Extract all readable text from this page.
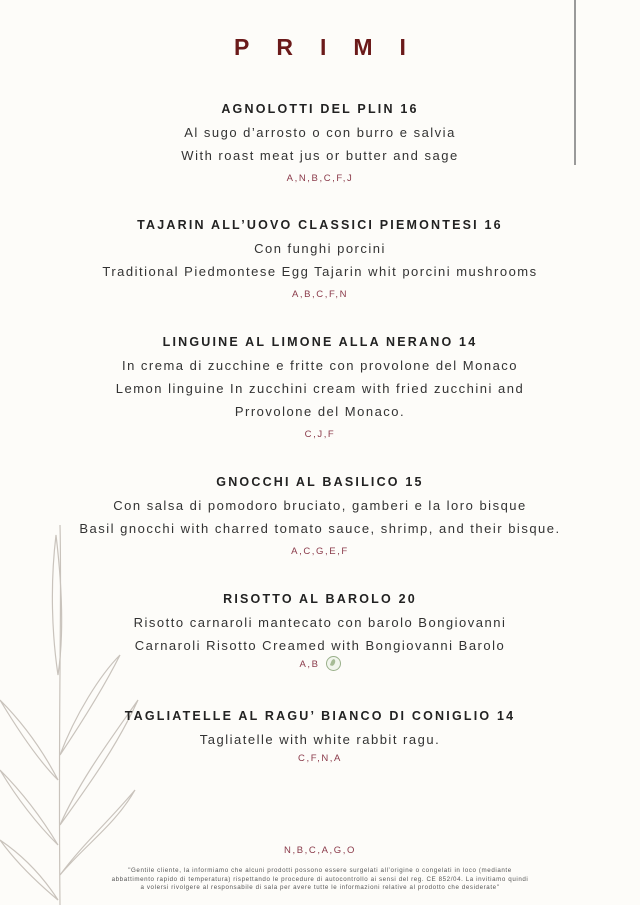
PRIMI
AGNOLOTTI DEL PLIN 16
Al sugo d’arrosto o con burro e salvia
With roast meat jus or butter and sage
A,N,B,C,F,J
TAJARIN ALL’UOVO CLASSICI PIEMONTESI 16
Con funghi porcini
Traditional Piedmontese Egg Tajarin whit porcini mushrooms
A,B,C,F,N
LINGUINE AL LIMONE ALLA NERANO 14
In crema di zucchine e fritte con provolone del Monaco
Lemon linguine In zucchini cream with fried zucchini and
Prrovolone del Monaco.
C,J,F
GNOCCHI AL BASILICO 15
Con salsa di pomodoro bruciato, gamberi e la loro bisque
Basil gnocchi with charred tomato sauce, shrimp, and their bisque.
A,C,G,E,F
RISOTTO AL BAROLO 20
Risotto carnaroli mantecato con barolo Bongiovanni
Carnaroli Risotto Creamed with Bongiovanni Barolo
A,B
TAGLIATELLE AL RAGU’ BIANCO DI CONIGLIO 14
Tagliatelle with white rabbit ragu.
C,F,N,A
N,B,C,A,G,O
"Gentile cliente, la informiamo che alcuni prodotti possono essere surgelati all’origine o congelati in loco (mediante
abbattimento rapido di temperatura) rispettando le procedure di autocontrollo ai sensi del reg. CE 852/04. La invitiamo quindi
a volersi rivolgere al responsabile di sala per avere tutte le informazioni relative al prodotto che desiderate"
